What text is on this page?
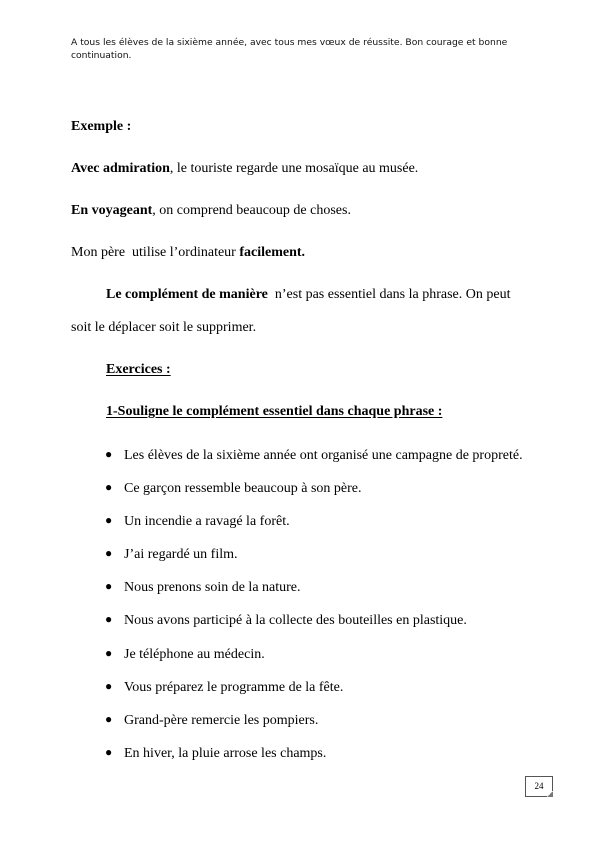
A tous les élèves de la sixième année, avec tous mes vœux de réussite. Bon courage et bonne continuation.
Exemple :
Avec admiration, le touriste regarde une mosaïque au musée.
En voyageant, on comprend beaucoup de choses.
Mon père  utilise l’ordinateur facilement.
Le complément de manière  n’est pas essentiel dans la phrase. On peut
soit le déplacer soit le supprimer.
Exercices :
1-Souligne le complément essentiel dans chaque phrase :
● Les élèves de la sixième année ont organisé une campagne de propreté.
● Ce garçon ressemble beaucoup à son père.
● Un incendie a ravagé la forêt.
● J’ai regardé un film.
● Nous prenons soin de la nature.
● Nous avons participé à la collecte des bouteilles en plastique.
● Je téléphone au médecin.
● Vous préparez le programme de la fête.
● Grand-père remercie les pompiers.
● En hiver, la pluie arrose les champs.
24
